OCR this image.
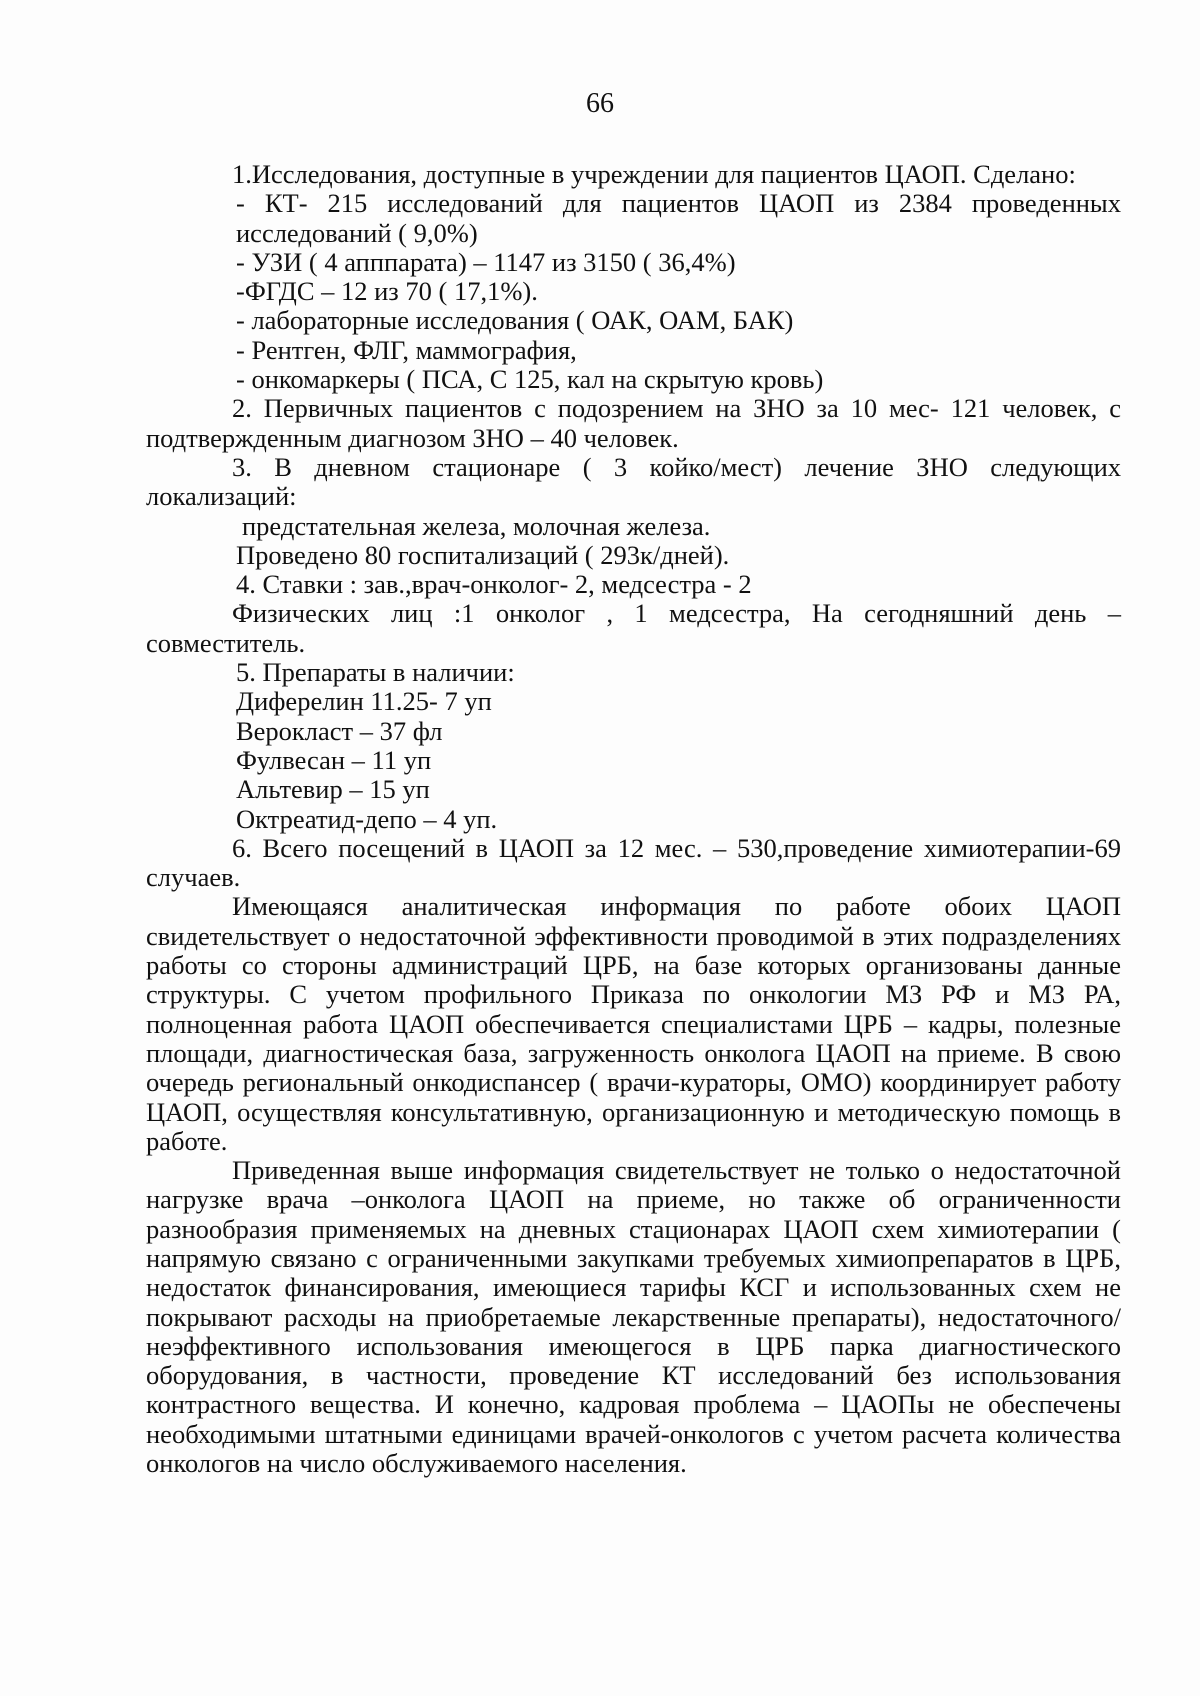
66

1.Исследования, доступные в учреждении для пациентов ЦАОП. Сделано:

- КТ- 215 исследований для пациентов ЦАОП из 2384 проведенных исследований ( 9,0%)

- УЗИ ( 4 апппарата) – 1147 из 3150 ( 36,4%)

-ФГДС – 12 из 70 ( 17,1%).

- лабораторные исследования ( ОАК, ОАМ, БАК)

- Рентген, ФЛГ, маммография,

- онкомаркеры ( ПСА, С 125, кал на скрытую кровь)

2. Первичных пациентов с подозрением на ЗНО за 10 мес- 121 человек, с подтвержденным диагнозом ЗНО – 40 человек.

3. В дневном стационаре ( 3 койко/мест) лечение ЗНО следующих локализаций:

предстательная железа, молочная железа.

Проведено 80 госпитализаций ( 293к/дней).

4. Ставки : зав.,врач-онколог- 2, медсестра - 2

Физических лиц :1 онколог , 1 медсестра, На сегодняшний день – совместитель.

5. Препараты в наличии:

Диферелин 11.25- 7 уп

Верокласт – 37 фл

Фулвесан – 11 уп

Альтевир – 15 уп

Октреатид-депо – 4 уп.

6. Всего посещений в ЦАОП за 12 мес. – 530,проведение химиотерапии-69 случаев.

Имеющаяся аналитическая информация по работе обоих ЦАОП свидетельствует о недостаточной эффективности проводимой в этих подразделениях работы со стороны администраций ЦРБ, на базе которых организованы данные структуры. С учетом профильного Приказа по онкологии МЗ РФ и МЗ РА, полноценная работа ЦАОП обеспечивается специалистами ЦРБ – кадры, полезные площади, диагностическая база, загруженность онколога ЦАОП на приеме. В свою очередь региональный онкодиспансер ( врачи-кураторы, ОМО) координирует работу ЦАОП, осуществляя консультативную, организационную и методическую помощь в работе.

Приведенная выше информация свидетельствует не только о недостаточной нагрузке врача –онколога ЦАОП на приеме, но также об ограниченности разнообразия применяемых на дневных стационарах ЦАОП схем химиотерапии ( напрямую связано с ограниченными закупками требуемых химиопрепаратов в ЦРБ, недостаток финансирования, имеющиеся тарифы КСГ и использованных схем не покрывают расходы на приобретаемые лекарственные препараты), недостаточного/неэффективного использования имеющегося в ЦРБ парка диагностического оборудования, в частности, проведение КТ исследований без использования контрастного вещества. И конечно, кадровая проблема – ЦАОПы не обеспечены необходимыми штатными единицами врачей-онкологов с учетом расчета количества онкологов на число обслуживаемого населения.
